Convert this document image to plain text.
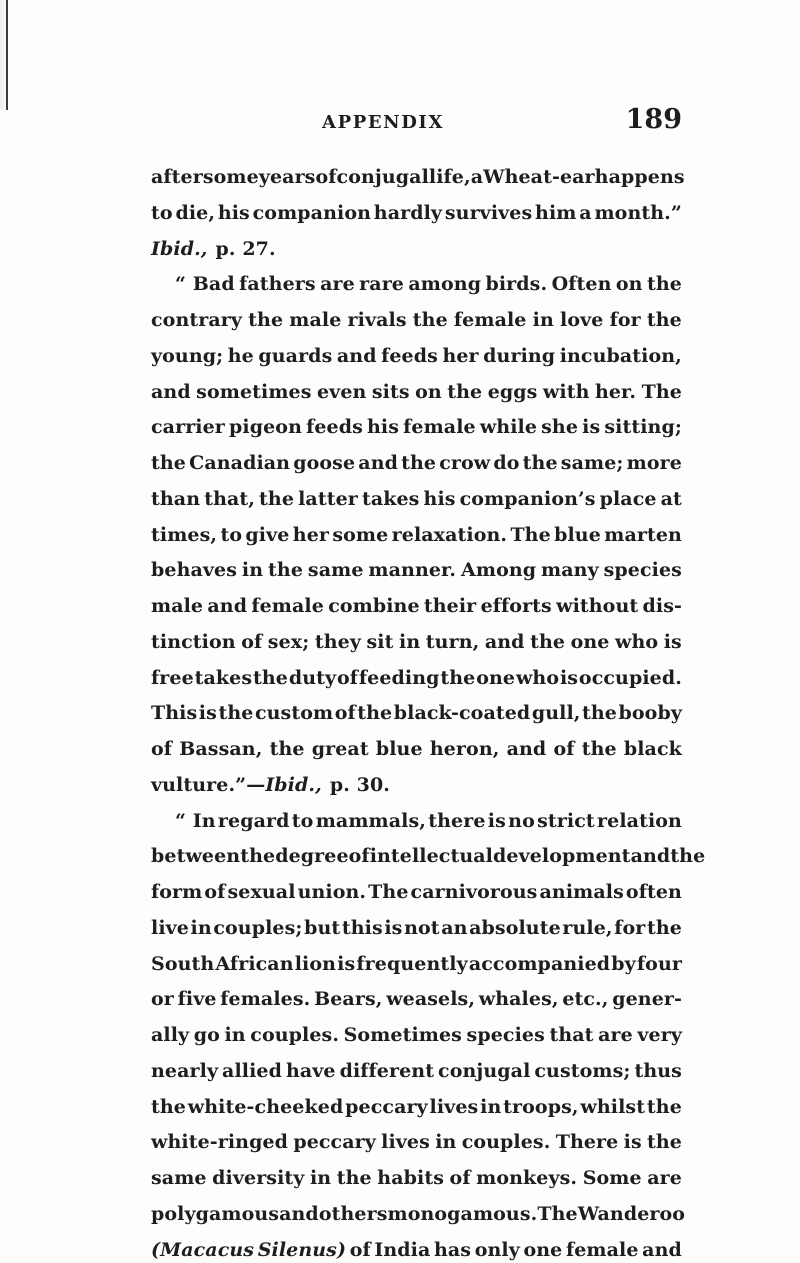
APPENDIX	189
after some years of conjugal life, a Wheat-ear happens
to die, his companion hardly survives him a month.”
Ibid., p. 27.
“ Bad fathers are rare among birds. Often on the
contrary the male rivals the female in love for the
young; he guards and feeds her during incubation,
and sometimes even sits on the eggs with her. The
carrier pigeon feeds his female while she is sitting;
the Canadian goose and the crow do the same; more
than that, the latter takes his companion’s place at
times, to give her some relaxation. The blue marten
behaves in the same manner. Among many species
male and female combine their efforts without dis-
tinction of sex; they sit in turn, and the one who is
free takes the duty of feeding the one who is occupied.
This is the custom of the black-coated gull, the booby
of Bassan, the great blue heron, and of the black
vulture.”—Ibid., p. 30.
“ In regard to mammals, there is no strict relation
between the degree of intellectual development and the
form of sexual union. The carnivorous animals often
live in couples; but this is not an absolute rule, for the
South African lion is frequently accompanied by four
or five females. Bears, weasels, whales, etc., gener-
ally go in couples. Sometimes species that are very
nearly allied have different conjugal customs; thus
the white-cheeked peccary lives in troops, whilst the
white-ringed peccary lives in couples. There is the
same diversity in the habits of monkeys. Some are
polygamous and others monogamous. The Wanderoo
(Macacus Silenus) of India has only one female and
